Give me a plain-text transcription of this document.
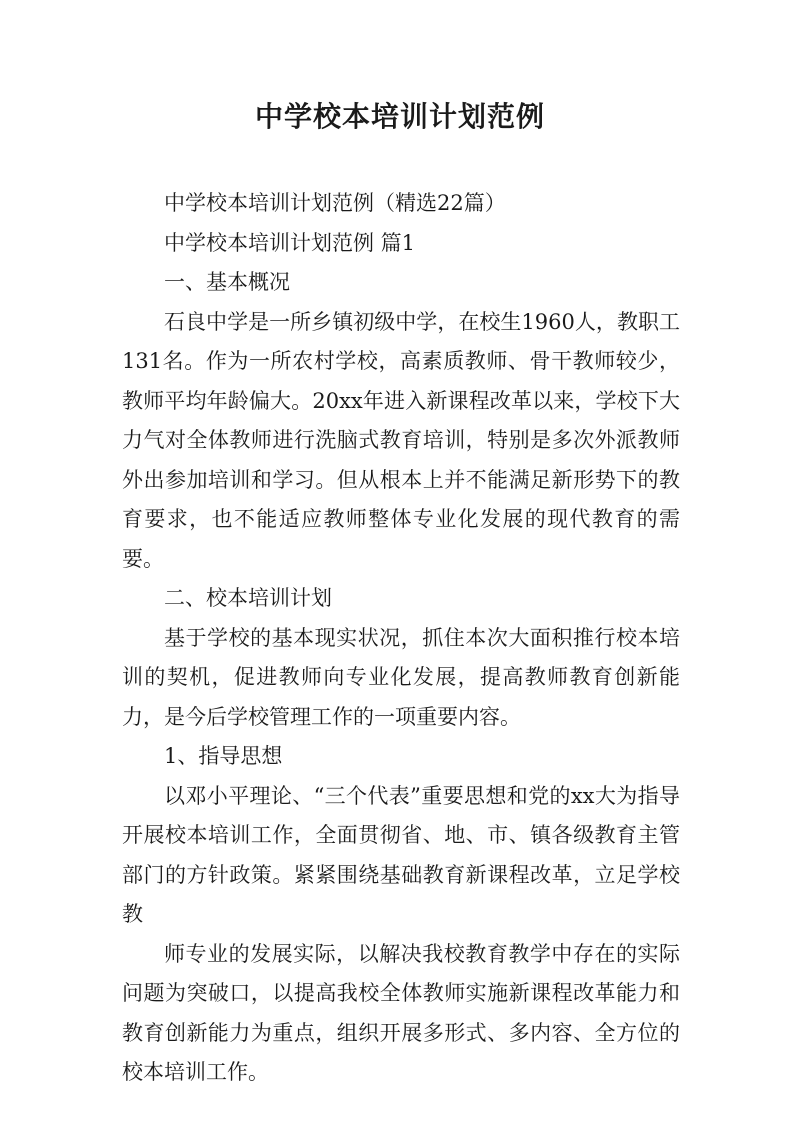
中学校本培训计划范例

中学校本培训计划范例（精选22篇）

中学校本培训计划范例 篇1

一、基本概况

石良中学是一所乡镇初级中学，在校生1960人，教职工131名。作为一所农村学校，高素质教师、骨干教师较少，教师平均年龄偏大。20xx年进入新课程改革以来，学校下大力气对全体教师进行洗脑式教育培训，特别是多次外派教师外出参加培训和学习。但从根本上并不能满足新形势下的教育要求，也不能适应教师整体专业化发展的现代教育的需要。

二、校本培训计划

基于学校的基本现实状况，抓住本次大面积推行校本培训的契机，促进教师向专业化发展，提高教师教育创新能力，是今后学校管理工作的一项重要内容。

1、指导思想

以邓小平理论、“三个代表”重要思想和党的xx大为指导开展校本培训工作，全面贯彻省、地、市、镇各级教育主管部门的方针政策。紧紧围绕基础教育新课程改革，立足学校教

师专业的发展实际，以解决我校教育教学中存在的实际问题为突破口，以提高我校全体教师实施新课程改革能力和教育创新能力为重点，组织开展多形式、多内容、全方位的校本培训工作。
